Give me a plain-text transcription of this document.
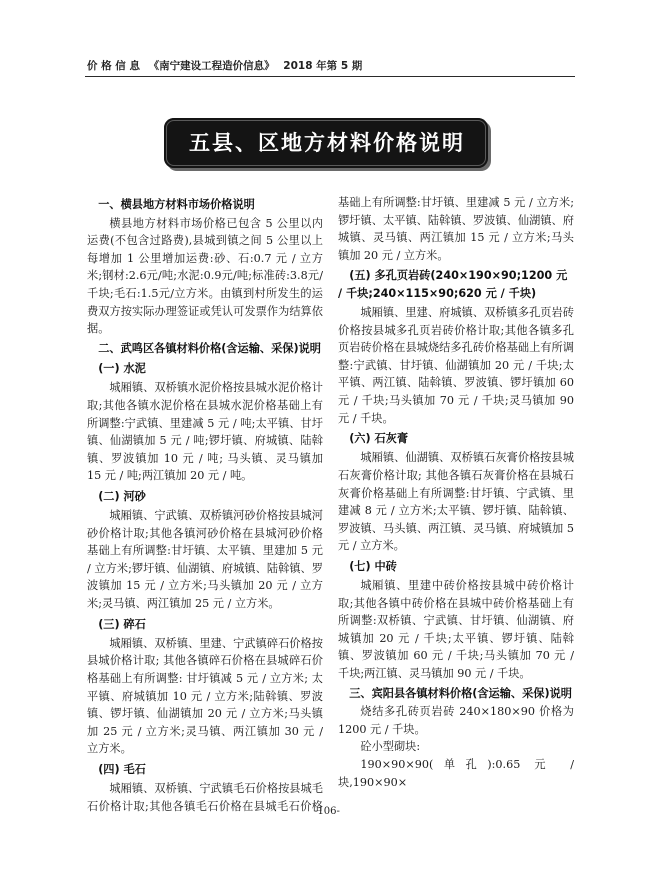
价 格 信 息 《南宁建设工程造价信息》 2018 年第 5 期
五县、区地方材料价格说明
一、横县地方材料市场价格说明

横县地方材料市场价格已包含 5 公里以内运费(不包含过路费),县城到镇之间 5 公里以上每增加 1 公里增加运费:砂、石:0.7 元 / 立方米;钢材:2.6元/吨;水泥:0.9元/吨;标准砖:3.8元/千块;毛石:1.5元/立方米。由镇到村所发生的运费双方按实际办理签证或凭认可发票作为结算依据。

二、武鸣区各镇材料价格(含运输、采保)说明
(一) 水泥

城厢镇、双桥镇水泥价格按县城水泥价格计取;其他各镇水泥价格在县城水泥价格基础上有所调整:宁武镇、里建减 5 元 / 吨;太平镇、甘圩镇、仙湖镇加 5 元 / 吨;锣圩镇、府城镇、陆斡镇、罗波镇加 10 元 / 吨; 马头镇、灵马镇加 15 元 / 吨;两江镇加 20 元 / 吨。

(二) 河砂

城厢镇、宁武镇、双桥镇河砂价格按县城河砂价格计取;其他各镇河砂价格在县城河砂价格基础上有所调整:甘圩镇、太平镇、里建加 5 元 / 立方米;锣圩镇、仙湖镇、府城镇、陆斡镇、罗波镇加 15 元 / 立方米;马头镇加 20 元 / 立方米;灵马镇、两江镇加 25 元 / 立方米。

(三) 碎石

城厢镇、双桥镇、里建、宁武镇碎石价格按县城价格计取; 其他各镇碎石价格在县城碎石价格基础上有所调整: 甘圩镇减 5 元 / 立方米; 太平镇、府城镇加 10 元 / 立方米;陆斡镇、罗波镇、锣圩镇、仙湖镇加 20 元 / 立方米;马头镇加 25 元 / 立方米;灵马镇、两江镇加 30 元 / 立方米。

(四) 毛石

城厢镇、双桥镇、宁武镇毛石价格按县城毛石价格计取;其他各镇毛石价格在县城毛石价格基础上有所调整:甘圩镇、里建减 5 元 / 立方米;锣圩镇、太平镇、陆斡镇、罗波镇、仙湖镇、府城镇、灵马镇、两江镇加 15 元 / 立方米;马头镇加 20 元 / 立方米。

(五) 多孔页岩砖(240×190×90;1200 元 / 千块;240×115×90;620 元 / 千块)

城厢镇、里建、府城镇、双桥镇多孔页岩砖价格按县城多孔页岩砖价格计取;其他各镇多孔页岩砖价格在县城烧结多孔砖价格基础上有所调整:宁武镇、甘圩镇、仙湖镇加 20 元 / 千块;太平镇、两江镇、陆斡镇、罗波镇、锣圩镇加 60 元 / 千块;马头镇加 70 元 / 千块;灵马镇加 90 元 / 千块。

(六) 石灰膏

城厢镇、仙湖镇、双桥镇石灰膏价格按县城石灰膏价格计取; 其他各镇石灰膏价格在县城石灰膏价格基础上有所调整:甘圩镇、宁武镇、里建减 8 元 / 立方米;太平镇、锣圩镇、陆斡镇、罗波镇、马头镇、两江镇、灵马镇、府城镇加 5 元 / 立方米。

(七) 中砖

城厢镇、里建中砖价格按县城中砖价格计取;其他各镇中砖价格在县城中砖价格基础上有所调整:双桥镇、宁武镇、甘圩镇、仙湖镇、府城镇加 20 元 / 千块;太平镇、锣圩镇、陆斡镇、罗波镇加 60 元 / 千块;马头镇加 70 元 / 千块;两江镇、灵马镇加 90 元 / 千块。

三、宾阳县各镇材料价格(含运输、采保)说明

烧结多孔砖页岩砖 240×180×90 价格为 1200 元 / 千块。

砼小型砌块:

190×90×90(单孔):0.65 元 / 块,190×90×

-106-
